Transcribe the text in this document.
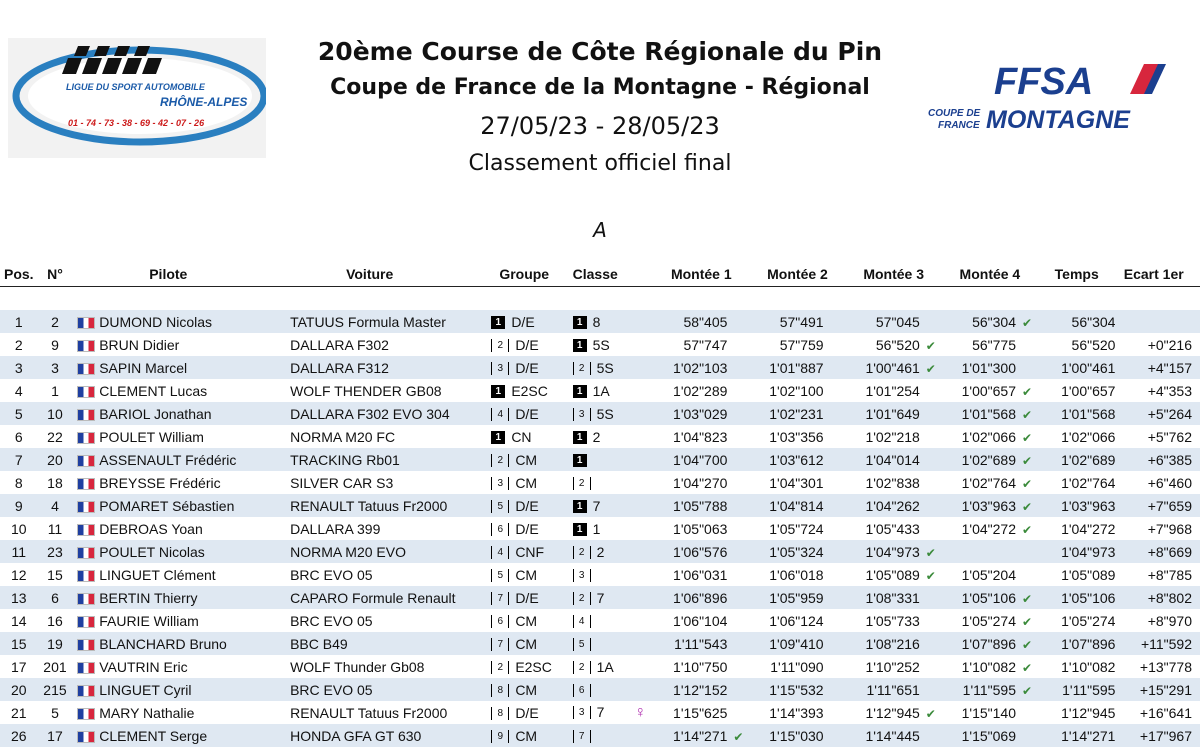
LIGUE DU SPORT AUTOMOBILE
RHÔNE-ALPES
01 - 74 - 73 - 38 - 69 - 42 - 07 - 26
20ème Course de Côte Régionale du Pin
Coupe de France de la Montagne - Régional
27/05/23 - 28/05/23
Classement officiel final
FFSA
COUPE DE
FRANCE MONTAGNE
A
Pos.	N°		Pilote	Voiture	Groupe	Classe	Montée 1	Montée 2	Montée 3	Montée 4	Temps	Ecart 1er

1	2		DUMOND Nicolas	TATUUS Formula Master	1 D/E	1 8	58"405	57"491	57"045	56"304 ✔	56"304	
2	9		BRUN Didier	DALLARA F302	2 D/E	1 5S	57"747	57"759	56"520 ✔	56"775	56"520	+0"216
3	3		SAPIN Marcel	DALLARA F312	3 D/E	2 5S	1'02"103	1'01"887	1'00"461 ✔	1'01"300	1'00"461	+4"157
4	1		CLEMENT Lucas	WOLF THENDER GB08	1 E2SC	1 1A	1'02"289	1'02"100	1'01"254	1'00"657 ✔	1'00"657	+4"353
5	10		BARIOL Jonathan	DALLARA F302 EVO 304	4 D/E	3 5S	1'03"029	1'02"231	1'01"649	1'01"568 ✔	1'01"568	+5"264
6	22		POULET William	NORMA M20 FC	1 CN	1 2	1'04"823	1'03"356	1'02"218	1'02"066 ✔	1'02"066	+5"762
7	20		ASSENAULT Frédéric	TRACKING Rb01	2 CM	1	1'04"700	1'03"612	1'04"014	1'02"689 ✔	1'02"689	+6"385
8	18		BREYSSE Frédéric	SILVER CAR S3	3 CM	2	1'04"270	1'04"301	1'02"838	1'02"764 ✔	1'02"764	+6"460
9	4		POMARET Sébastien	RENAULT Tatuus Fr2000	5 D/E	1 7	1'05"788	1'04"814	1'04"262	1'03"963 ✔	1'03"963	+7"659
10	11		DEBROAS Yoan	DALLARA 399	6 D/E	1 1	1'05"063	1'05"724	1'05"433	1'04"272 ✔	1'04"272	+7"968
11	23		POULET Nicolas	NORMA M20 EVO	4 CNF	2 2	1'06"576	1'05"324	1'04"973 ✔		1'04"973	+8"669
12	15		LINGUET Clément	BRC EVO 05	5 CM	3	1'06"031	1'06"018	1'05"089 ✔	1'05"204	1'05"089	+8"785
13	6		BERTIN Thierry	CAPARO Formule Renault	7 D/E	2 7	1'06"896	1'05"959	1'08"331	1'05"106 ✔	1'05"106	+8"802
14	16		FAURIE William	BRC EVO 05	6 CM	4	1'06"104	1'06"124	1'05"733	1'05"274 ✔	1'05"274	+8"970
15	19		BLANCHARD Bruno	BBC B49	7 CM	5	1'11"543	1'09"410	1'08"216	1'07"896 ✔	1'07"896	+11"592
17	201		VAUTRIN Eric	WOLF Thunder Gb08	2 E2SC	2 1A	1'10"750	1'11"090	1'10"252	1'10"082 ✔	1'10"082	+13"778
20	215		LINGUET Cyril	BRC EVO 05	8 CM	6	1'12"152	1'15"532	1'11"651	1'11"595 ✔	1'11"595	+15"291
21	5		MARY Nathalie	RENAULT Tatuus Fr2000	8 D/E	3 7 ♀	1'15"625	1'14"393	1'12"945 ✔	1'15"140	1'12"945	+16"641
26	17		CLEMENT Serge	HONDA GFA GT 630	9 CM	7	1'14"271 ✔	1'15"030	1'14"445	1'15"069	1'14"271	+17"967
